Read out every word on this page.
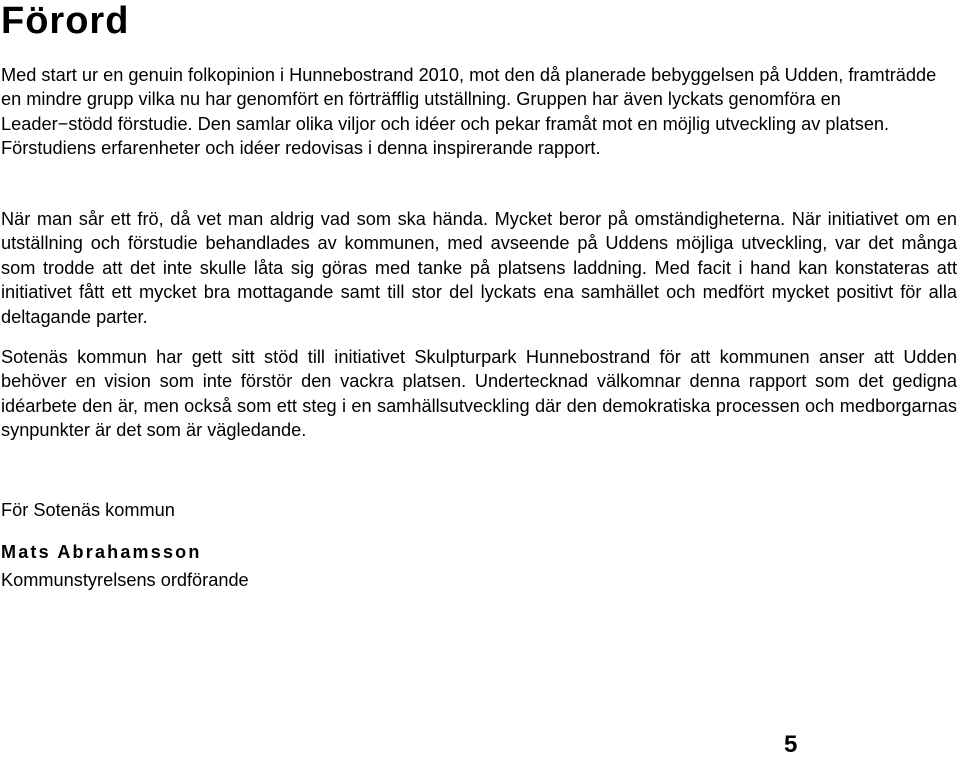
Förord

Med start ur en genuin folkopinion i Hunnebostrand 2010, mot den då planerade bebyggelsen på Udden, framträdde en mindre grupp vilka nu har genomfört en förträfflig utställning. Gruppen har även lyckats genomföra en Leader−stödd förstudie. Den samlar olika viljor och idéer och pekar framåt mot en möjlig utveckling av platsen. Förstudiens erfarenheter och idéer redovisas i denna inspirerande rapport.

När man sår ett frö, då vet man aldrig vad som ska hända. Mycket beror på omständigheterna. När initiativet om en utställning och förstudie behandlades av kommunen, med avseende på Uddens möjliga utveckling, var det många som trodde att det inte skulle låta sig göras med tanke på platsens laddning. Med facit i hand kan konstateras att initiativet fått ett mycket bra mottagande samt till stor del lyckats ena samhället och medfört mycket positivt för alla deltagande parter.

Sotenäs kommun har gett sitt stöd till initiativet Skulpturpark Hunnebostrand för att kommunen anser att Udden behöver en vision som inte förstör den vackra platsen. Undertecknad välkomnar denna rapport som det gedigna idéarbete den är, men också som ett steg i en samhällsutveckling där den demokratiska processen och medborgarnas synpunkter är det som är vägledande.

För Sotenäs kommun
Mats Abrahamsson
Kommunstyrelsens ordförande
5
